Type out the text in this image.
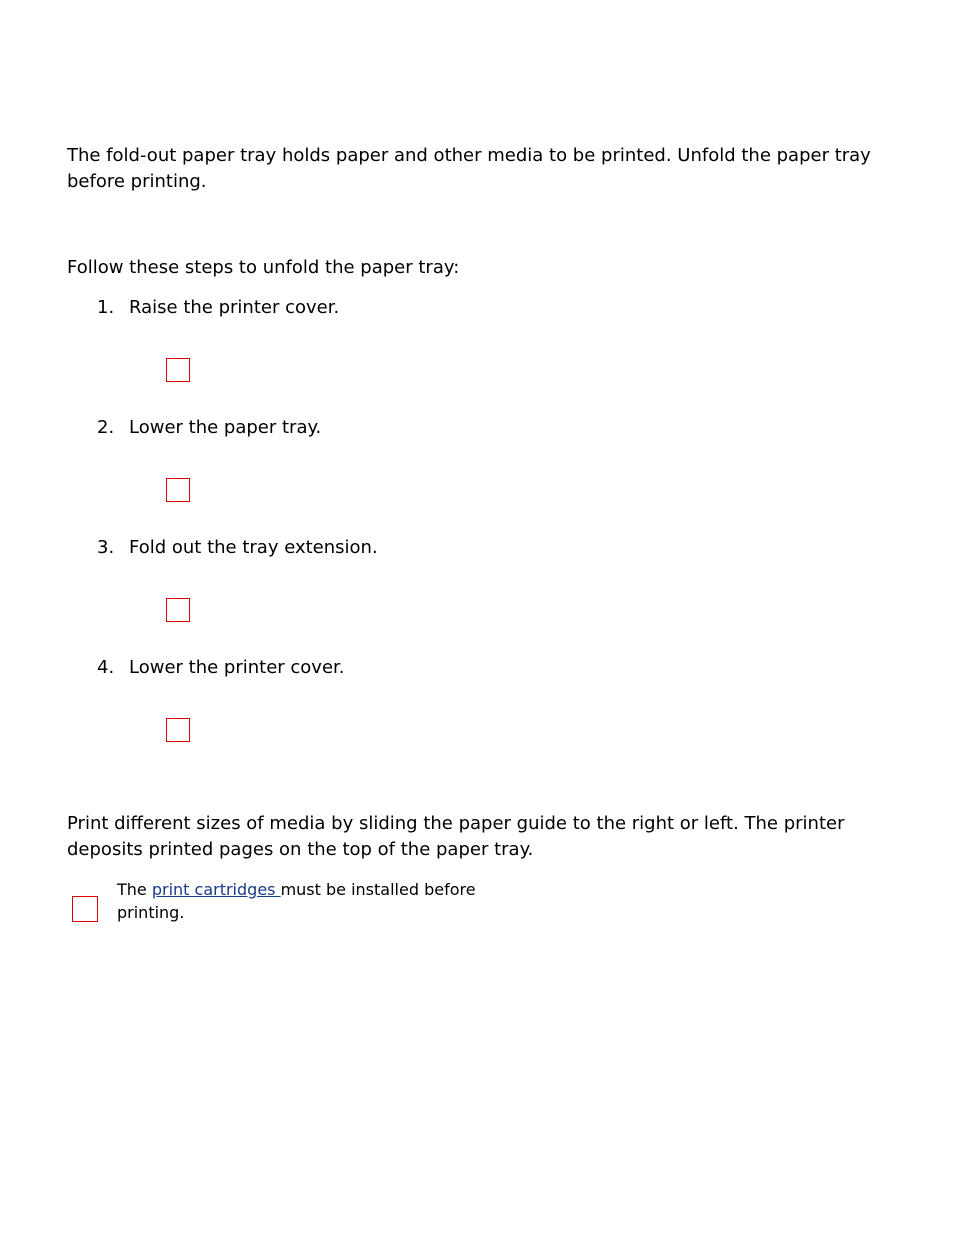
The fold-out paper tray holds paper and other media to be printed. Unfold the paper tray before printing.

Follow these steps to unfold the paper tray:

1. Raise the printer cover.
2. Lower the paper tray.
3. Fold out the tray extension.
4. Lower the printer cover.

Print different sizes of media by sliding the paper guide to the right or left. The printer deposits printed pages on the top of the paper tray.

The print cartridges must be installed before printing.
